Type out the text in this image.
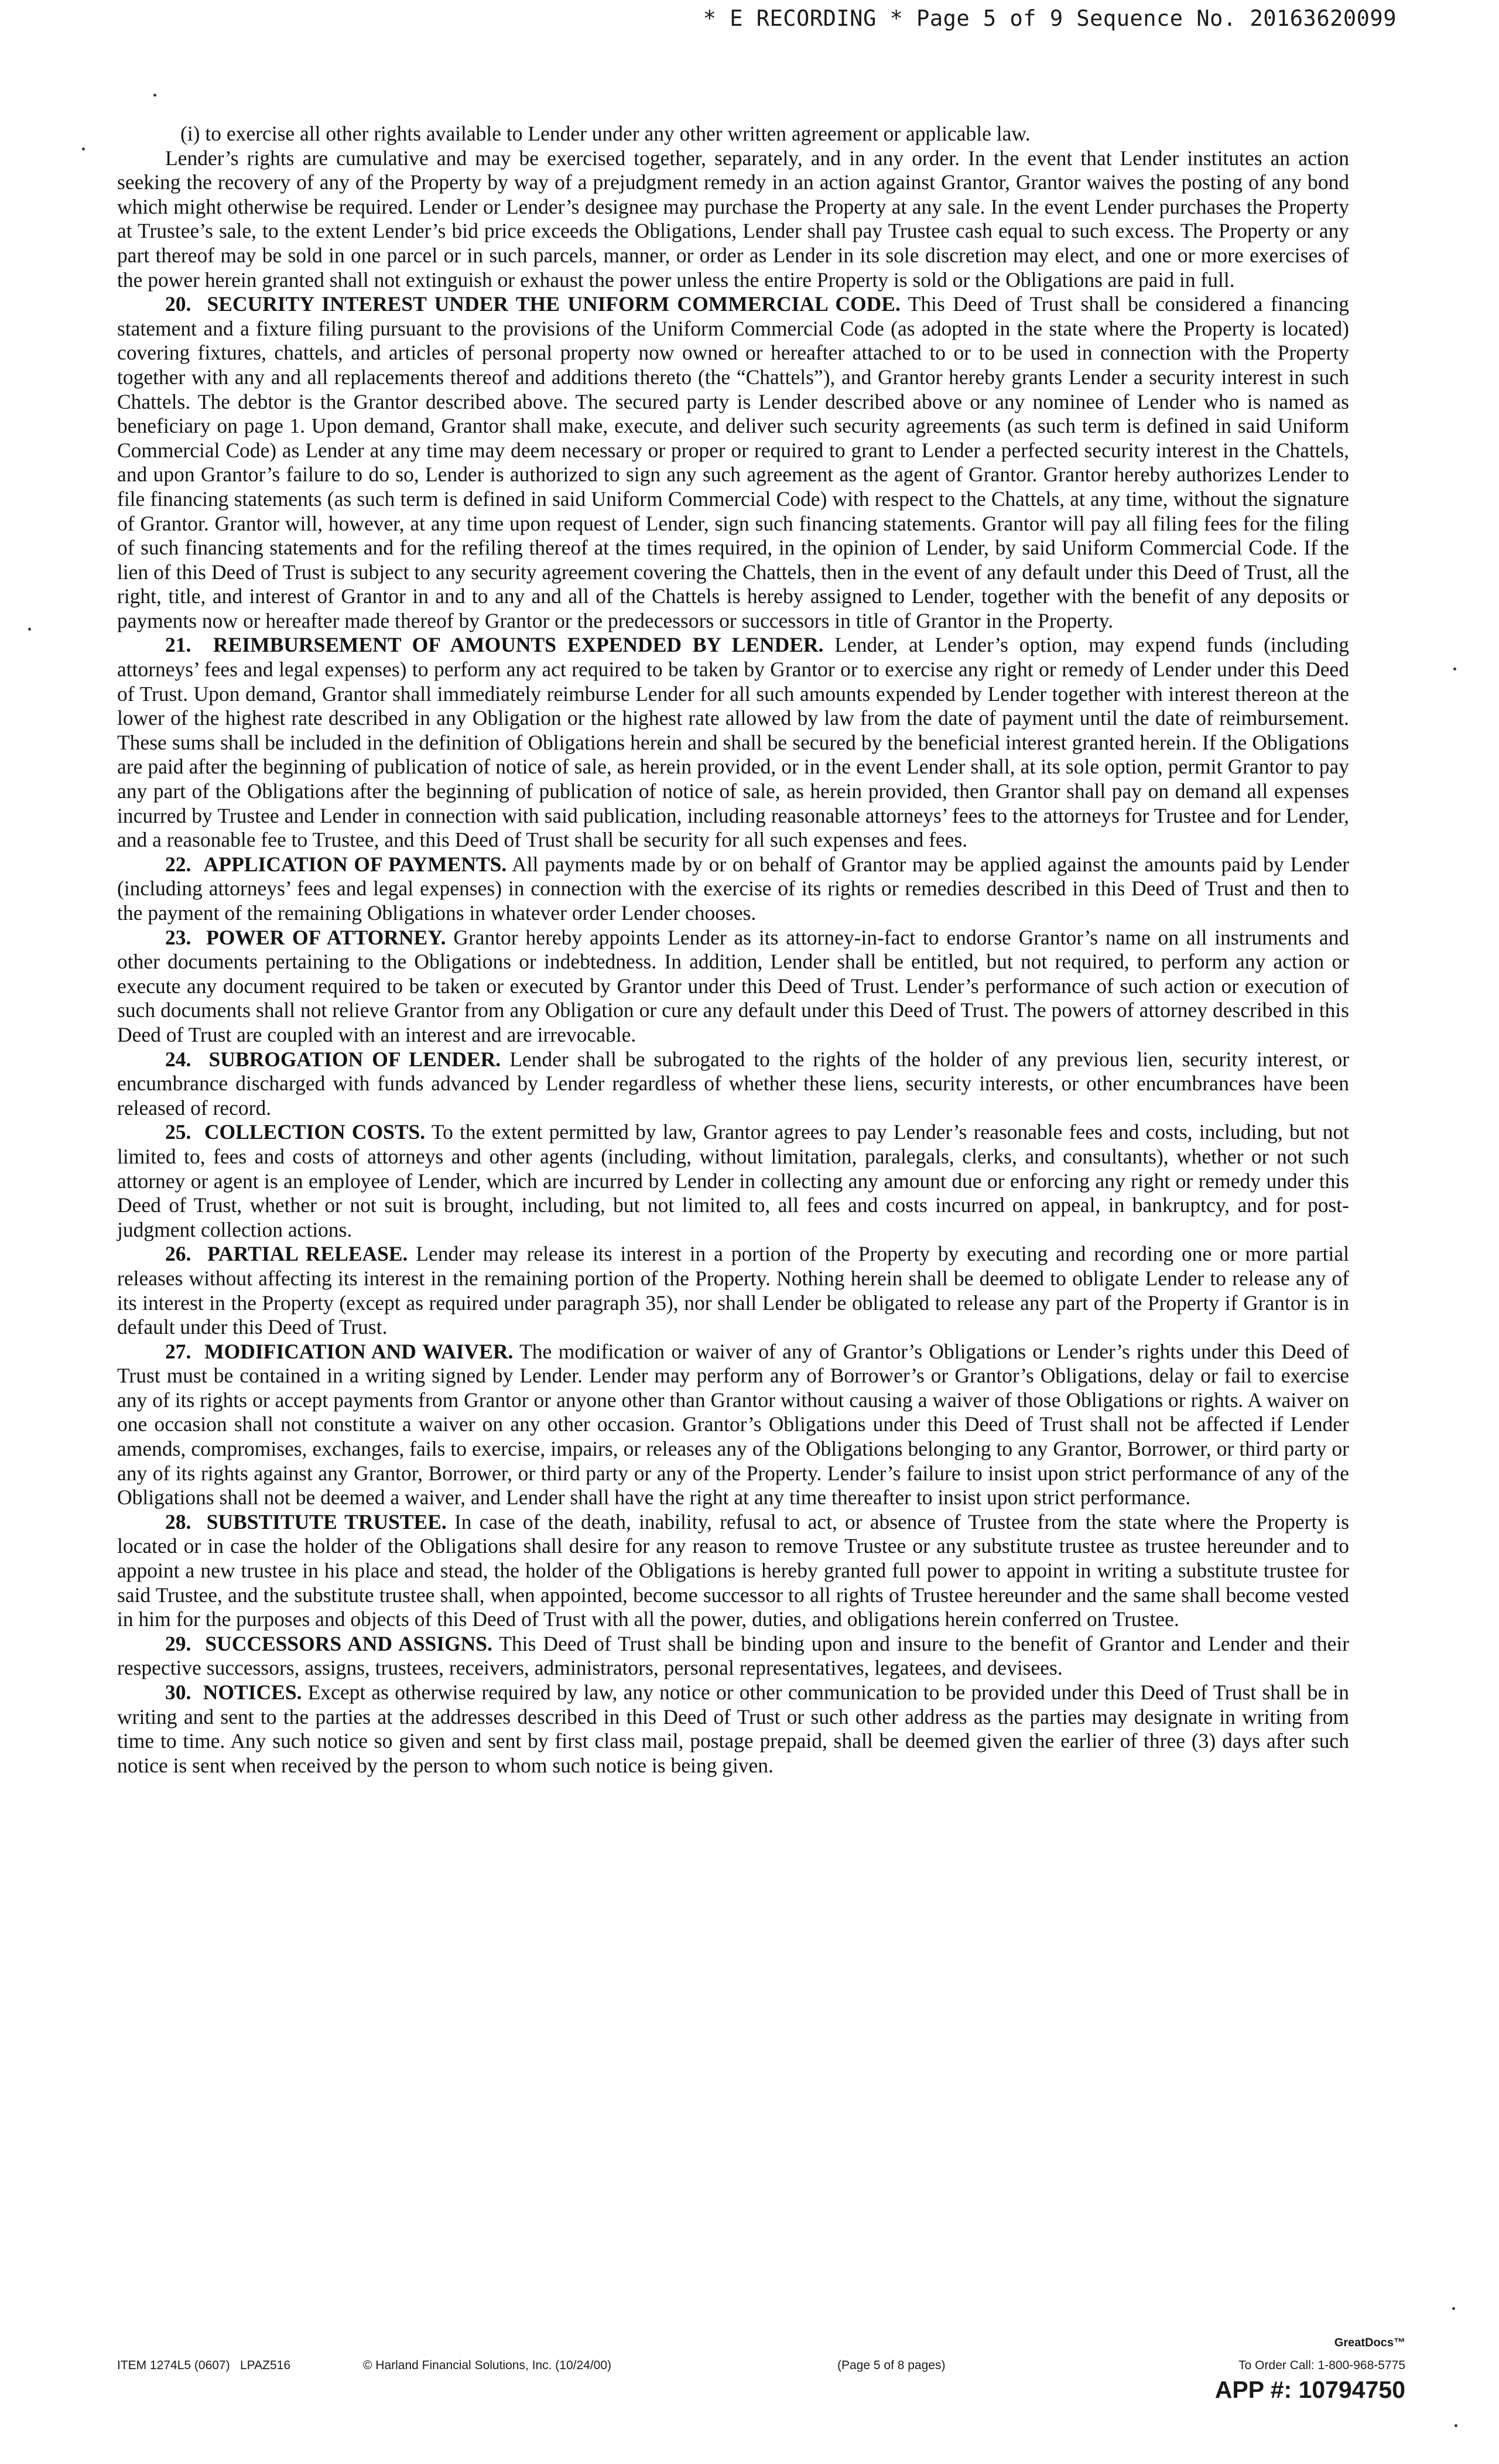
* E RECORDING * Page 5 of 9 Sequence No. 20163620099

(i) to exercise all other rights available to Lender under any other written agreement or applicable law.

Lender’s rights are cumulative and may be exercised together, separately, and in any order. In the event that Lender institutes an action seeking the recovery of any of the Property by way of a prejudgment remedy in an action against Grantor, Grantor waives the posting of any bond which might otherwise be required. Lender or Lender’s designee may purchase the Property at any sale. In the event Lender purchases the Property at Trustee’s sale, to the extent Lender’s bid price exceeds the Obligations, Lender shall pay Trustee cash equal to such excess. The Property or any part thereof may be sold in one parcel or in such parcels, manner, or order as Lender in its sole discretion may elect, and one or more exercises of the power herein granted shall not extinguish or exhaust the power unless the entire Property is sold or the Obligations are paid in full.

20. SECURITY INTEREST UNDER THE UNIFORM COMMERCIAL CODE. This Deed of Trust shall be considered a financing statement and a fixture filing pursuant to the provisions of the Uniform Commercial Code (as adopted in the state where the Property is located) covering fixtures, chattels, and articles of personal property now owned or hereafter attached to or to be used in connection with the Property together with any and all replacements thereof and additions thereto (the “Chattels”), and Grantor hereby grants Lender a security interest in such Chattels. The debtor is the Grantor described above. The secured party is Lender described above or any nominee of Lender who is named as beneficiary on page 1. Upon demand, Grantor shall make, execute, and deliver such security agreements (as such term is defined in said Uniform Commercial Code) as Lender at any time may deem necessary or proper or required to grant to Lender a perfected security interest in the Chattels, and upon Grantor’s failure to do so, Lender is authorized to sign any such agreement as the agent of Grantor. Grantor hereby authorizes Lender to file financing statements (as such term is defined in said Uniform Commercial Code) with respect to the Chattels, at any time, without the signature of Grantor. Grantor will, however, at any time upon request of Lender, sign such financing statements. Grantor will pay all filing fees for the filing of such financing statements and for the refiling thereof at the times required, in the opinion of Lender, by said Uniform Commercial Code. If the lien of this Deed of Trust is subject to any security agreement covering the Chattels, then in the event of any default under this Deed of Trust, all the right, title, and interest of Grantor in and to any and all of the Chattels is hereby assigned to Lender, together with the benefit of any deposits or payments now or hereafter made thereof by Grantor or the predecessors or successors in title of Grantor in the Property.

21. REIMBURSEMENT OF AMOUNTS EXPENDED BY LENDER. Lender, at Lender’s option, may expend funds (including attorneys’ fees and legal expenses) to perform any act required to be taken by Grantor or to exercise any right or remedy of Lender under this Deed of Trust. Upon demand, Grantor shall immediately reimburse Lender for all such amounts expended by Lender together with interest thereon at the lower of the highest rate described in any Obligation or the highest rate allowed by law from the date of payment until the date of reimbursement. These sums shall be included in the definition of Obligations herein and shall be secured by the beneficial interest granted herein. If the Obligations are paid after the beginning of publication of notice of sale, as herein provided, or in the event Lender shall, at its sole option, permit Grantor to pay any part of the Obligations after the beginning of publication of notice of sale, as herein provided, then Grantor shall pay on demand all expenses incurred by Trustee and Lender in connection with said publication, including reasonable attorneys’ fees to the attorneys for Trustee and for Lender, and a reasonable fee to Trustee, and this Deed of Trust shall be security for all such expenses and fees.

22. APPLICATION OF PAYMENTS. All payments made by or on behalf of Grantor may be applied against the amounts paid by Lender (including attorneys’ fees and legal expenses) in connection with the exercise of its rights or remedies described in this Deed of Trust and then to the payment of the remaining Obligations in whatever order Lender chooses.

23. POWER OF ATTORNEY. Grantor hereby appoints Lender as its attorney-in-fact to endorse Grantor’s name on all instruments and other documents pertaining to the Obligations or indebtedness. In addition, Lender shall be entitled, but not required, to perform any action or execute any document required to be taken or executed by Grantor under this Deed of Trust. Lender’s performance of such action or execution of such documents shall not relieve Grantor from any Obligation or cure any default under this Deed of Trust. The powers of attorney described in this Deed of Trust are coupled with an interest and are irrevocable.

24. SUBROGATION OF LENDER. Lender shall be subrogated to the rights of the holder of any previous lien, security interest, or encumbrance discharged with funds advanced by Lender regardless of whether these liens, security interests, or other encumbrances have been released of record.

25. COLLECTION COSTS. To the extent permitted by law, Grantor agrees to pay Lender’s reasonable fees and costs, including, but not limited to, fees and costs of attorneys and other agents (including, without limitation, paralegals, clerks, and consultants), whether or not such attorney or agent is an employee of Lender, which are incurred by Lender in collecting any amount due or enforcing any right or remedy under this Deed of Trust, whether or not suit is brought, including, but not limited to, all fees and costs incurred on appeal, in bankruptcy, and for post-judgment collection actions.

26. PARTIAL RELEASE. Lender may release its interest in a portion of the Property by executing and recording one or more partial releases without affecting its interest in the remaining portion of the Property. Nothing herein shall be deemed to obligate Lender to release any of its interest in the Property (except as required under paragraph 35), nor shall Lender be obligated to release any part of the Property if Grantor is in default under this Deed of Trust.

27. MODIFICATION AND WAIVER. The modification or waiver of any of Grantor’s Obligations or Lender’s rights under this Deed of Trust must be contained in a writing signed by Lender. Lender may perform any of Borrower’s or Grantor’s Obligations, delay or fail to exercise any of its rights or accept payments from Grantor or anyone other than Grantor without causing a waiver of those Obligations or rights. A waiver on one occasion shall not constitute a waiver on any other occasion. Grantor’s Obligations under this Deed of Trust shall not be affected if Lender amends, compromises, exchanges, fails to exercise, impairs, or releases any of the Obligations belonging to any Grantor, Borrower, or third party or any of its rights against any Grantor, Borrower, or third party or any of the Property. Lender’s failure to insist upon strict performance of any of the Obligations shall not be deemed a waiver, and Lender shall have the right at any time thereafter to insist upon strict performance.

28. SUBSTITUTE TRUSTEE. In case of the death, inability, refusal to act, or absence of Trustee from the state where the Property is located or in case the holder of the Obligations shall desire for any reason to remove Trustee or any substitute trustee as trustee hereunder and to appoint a new trustee in his place and stead, the holder of the Obligations is hereby granted full power to appoint in writing a substitute trustee for said Trustee, and the substitute trustee shall, when appointed, become successor to all rights of Trustee hereunder and the same shall become vested in him for the purposes and objects of this Deed of Trust with all the power, duties, and obligations herein conferred on Trustee.

29. SUCCESSORS AND ASSIGNS. This Deed of Trust shall be binding upon and insure to the benefit of Grantor and Lender and their respective successors, assigns, trustees, receivers, administrators, personal representatives, legatees, and devisees.

30. NOTICES. Except as otherwise required by law, any notice or other communication to be provided under this Deed of Trust shall be in writing and sent to the parties at the addresses described in this Deed of Trust or such other address as the parties may designate in writing from time to time. Any such notice so given and sent by first class mail, postage prepaid, shall be deemed given the earlier of three (3) days after such notice is sent when received by the person to whom such notice is being given.

ITEM 1274L5 (0607) LPAZ516	© Harland Financial Solutions, Inc. (10/24/00)	(Page 5 of 8 pages)
GreatDocs™
To Order Call: 1-800-968-5775
APP #: 10794750
